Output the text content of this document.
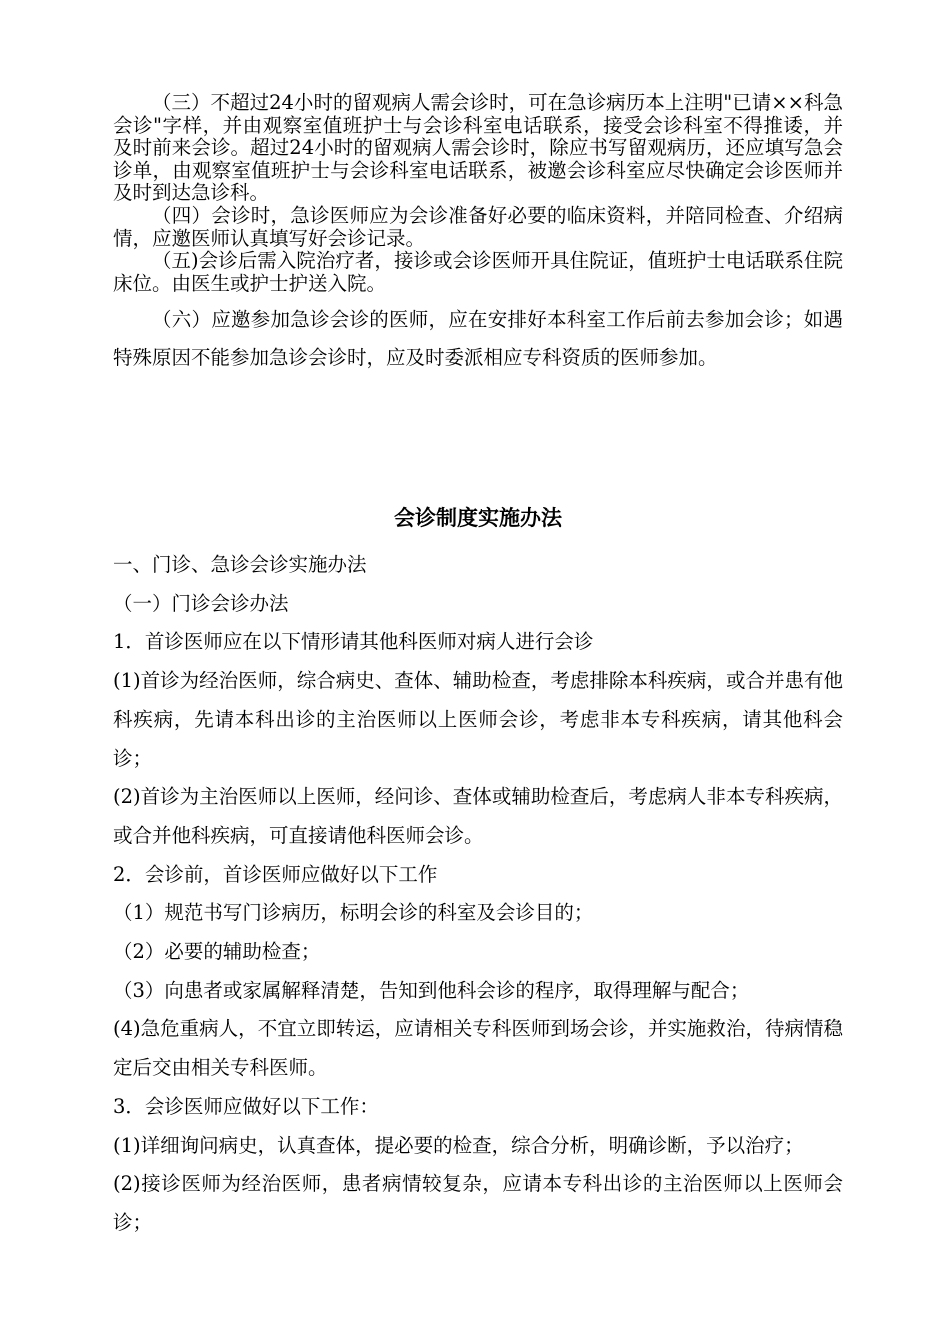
（三）不超过24小时的留观病人需会诊时，可在急诊病历本上注明"已请××科急会诊"字样，并由观察室值班护士与会诊科室电话联系，接受会诊科室不得推诿，并及时前来会诊。超过24小时的留观病人需会诊时，除应书写留观病历，还应填写急会诊单，由观察室值班护士与会诊科室电话联系，被邀会诊科室应尽快确定会诊医师并及时到达急诊科。

（四）会诊时，急诊医师应为会诊准备好必要的临床资料，并陪同检查、介绍病情，应邀医师认真填写好会诊记录。

（五)会诊后需入院治疗者，接诊或会诊医师开具住院证，值班护士电话联系住院床位。由医生或护士护送入院。

（六）应邀参加急诊会诊的医师，应在安排好本科室工作后前去参加会诊；如遇特殊原因不能参加急诊会诊时，应及时委派相应专科资质的医师参加。

会诊制度实施办法

一、门诊、急诊会诊实施办法

（一）门诊会诊办法

1．首诊医师应在以下情形请其他科医师对病人进行会诊

(1)首诊为经治医师，综合病史、查体、辅助检查，考虑排除本科疾病，或合并患有他科疾病，先请本科出诊的主治医师以上医师会诊，考虑非本专科疾病，请其他科会诊；

(2)首诊为主治医师以上医师，经问诊、查体或辅助检查后，考虑病人非本专科疾病，或合并他科疾病，可直接请他科医师会诊。

2．会诊前，首诊医师应做好以下工作

（1）规范书写门诊病历，标明会诊的科室及会诊目的；

（2）必要的辅助检查；

（3）向患者或家属解释清楚，告知到他科会诊的程序，取得理解与配合；

(4)急危重病人，不宜立即转运，应请相关专科医师到场会诊，并实施救治，待病情稳定后交由相关专科医师。

3．会诊医师应做好以下工作：

(1)详细询问病史，认真查体，提必要的检查，综合分析，明确诊断，予以治疗；

(2)接诊医师为经治医师，患者病情较复杂，应请本专科出诊的主治医师以上医师会诊；
